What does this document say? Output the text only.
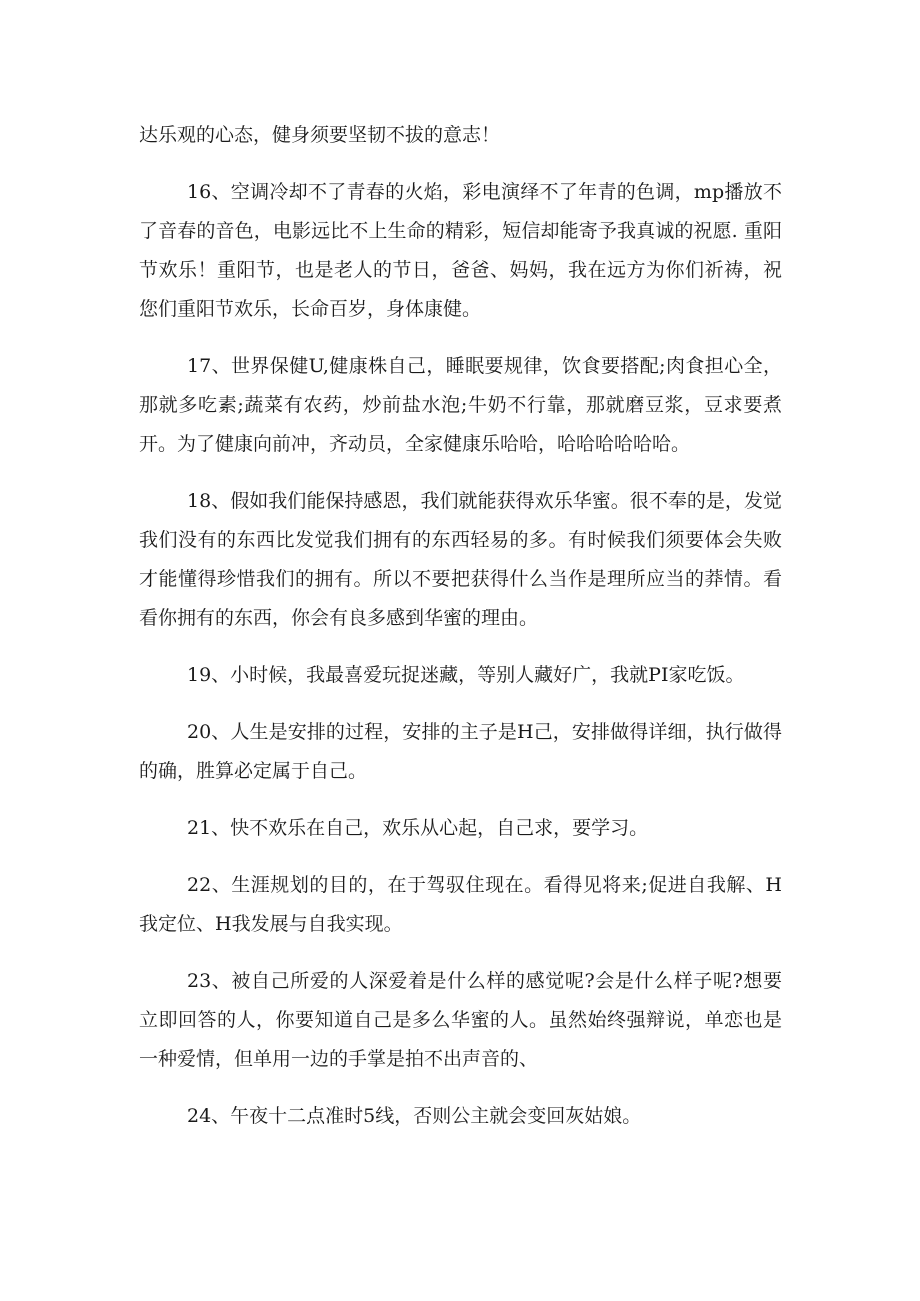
达乐观的心态，健身须要坚韧不拔的意志！

16、空调冷却不了青春的火焰，彩电演绎不了年青的色调，mp播放不了音春的音色，电影远比不上生命的精彩，短信却能寄予我真诚的祝愿. 重阳节欢乐！重阳节，也是老人的节日，爸爸、妈妈，我在远方为你们祈祷，祝您们重阳节欢乐，长命百岁，身体康健。

17、世界保健U,健康株自己，睡眠要规律，饮食要搭配;肉食担心全，那就多吃素;蔬菜有农药，炒前盐水泡;牛奶不行靠，那就磨豆浆，豆求要煮开。为了健康向前冲，齐动员，全家健康乐哈哈，哈哈哈哈哈哈。

18、假如我们能保持感恩，我们就能获得欢乐华蜜。很不奉的是，发觉我们没有的东西比发觉我们拥有的东西轻易的多。有时候我们须要体会失败才能懂得珍惜我们的拥有。所以不要把获得什么当作是理所应当的莽情。看看你拥有的东西，你会有良多感到华蜜的理由。

19、小时候，我最喜爱玩捉迷藏，等别人藏好广，我就PI家吃饭。

20、人生是安排的过程，安排的主子是H己，安排做得详细，执行做得的确，胜算必定属于自己。

21、快不欢乐在自己，欢乐从心起，自己求，要学习。

22、生涯规划的目的，在于驾驭住现在。看得见将来;促进自我解、H我定位、H我发展与自我实现。

23、被自己所爱的人深爱着是什么样的感觉呢?会是什么样子呢?想要立即回答的人，你要知道自己是多么华蜜的人。虽然始终强辩说，单恋也是一种爱情，但单用一边的手掌是拍不出声音的、

24、午夜十二点准时5线，否则公主就会变回灰姑娘。
